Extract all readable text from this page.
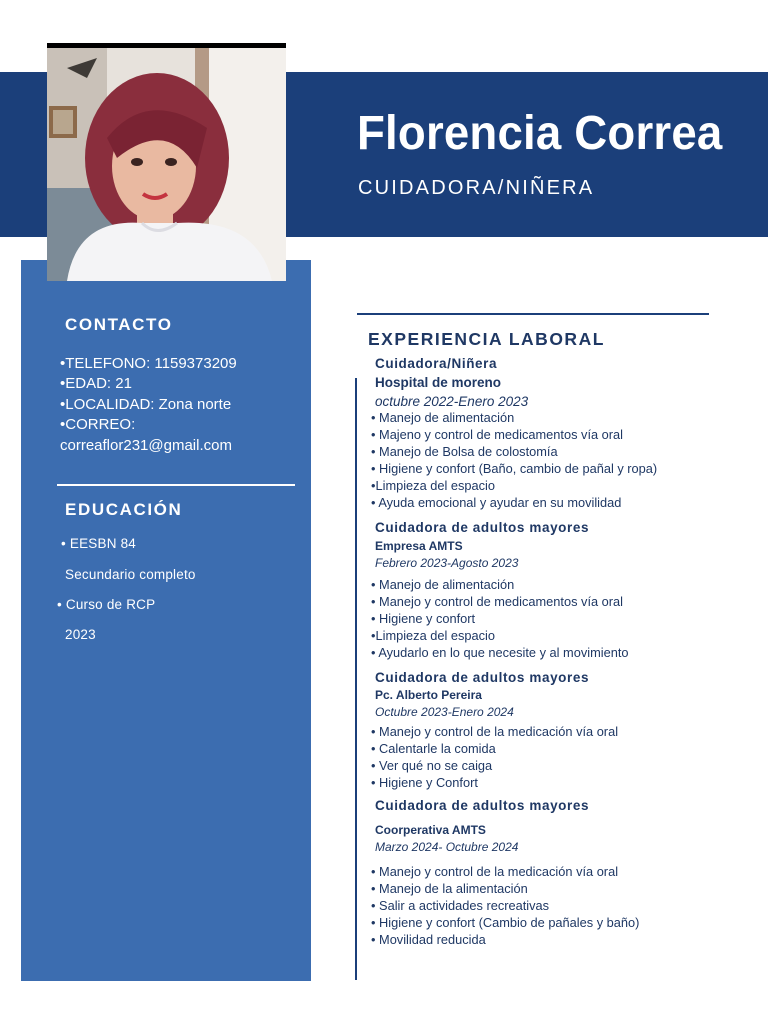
Florencia Correa
CUIDADORA/NIÑERA
CONTACTO
•TELEFONO: 1159373209
•EDAD: 21
•LOCALIDAD: Zona norte
•CORREO:
correaflor231@gmail.com
EDUCACIÓN
• EESBN 84
Secundario completo
• Curso de RCP
2023
EXPERIENCIA LABORAL
Cuidadora/Niñera
Hospital de moreno
octubre 2022-Enero 2023
• Manejo de alimentación
• Majeno y control de medicamentos vía oral
• Manejo de Bolsa de colostomía
• Higiene y confort (Baño, cambio de pañal y ropa)
•Limpieza del espacio
• Ayuda emocional y ayudar en su movilidad
Cuidadora de adultos mayores
Empresa AMTS
Febrero 2023-Agosto 2023
• Manejo de alimentación
• Manejo y control de medicamentos vía oral
• Higiene y confort
•Limpieza del espacio
• Ayudarlo en lo que necesite y al movimiento
Cuidadora de adultos mayores
Pc. Alberto Pereira
Octubre 2023-Enero 2024
• Manejo y control de la medicación vía oral
• Calentarle la comida
• Ver qué no se caiga
• Higiene y Confort
Cuidadora de adultos mayores
Coorperativa AMTS
Marzo 2024- Octubre 2024
• Manejo y control de la medicación vía oral
• Manejo de la alimentación
• Salir a actividades recreativas
• Higiene y confort (Cambio de pañales y baño)
• Movilidad reducida
